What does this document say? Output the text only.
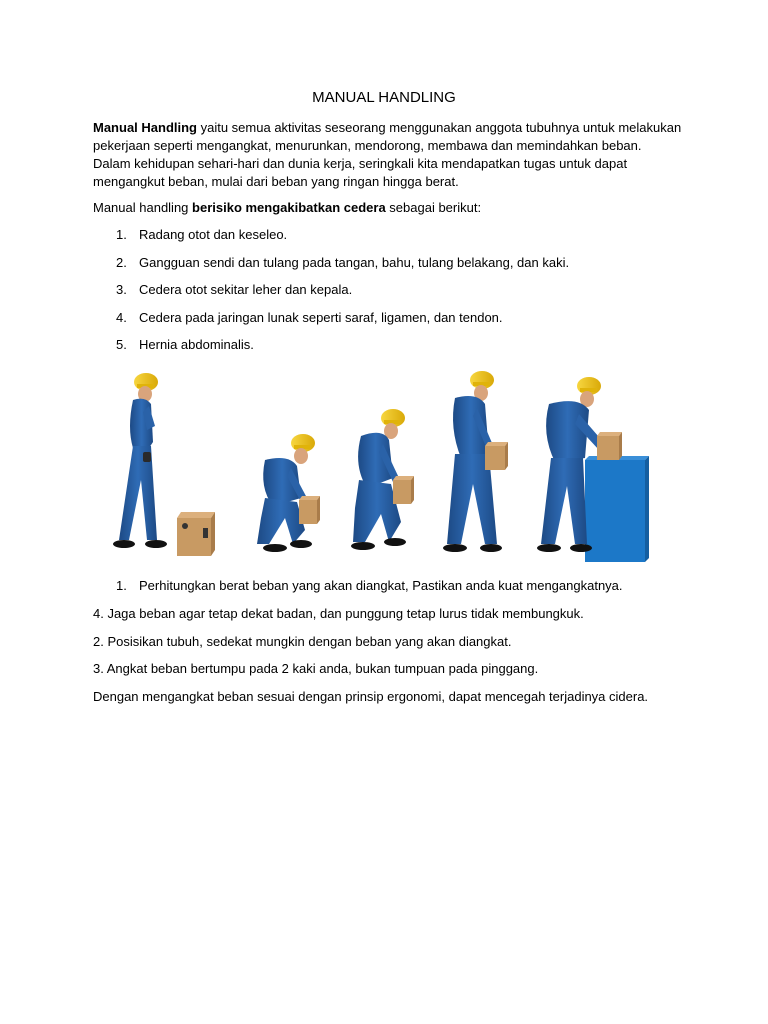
MANUAL HANDLING

Manual Handling yaitu semua aktivitas seseorang menggunakan anggota tubuhnya untuk melakukan
pekerjaan seperti mengangkat, menurunkan, mendorong, membawa dan memindahkan beban.
Dalam kehidupan sehari-hari dan dunia kerja, seringkali kita mendapatkan tugas untuk dapat
mengangkut beban, mulai dari beban yang ringan hingga berat.

Manual handling berisiko mengakibatkan cedera sebagai berikut:

1. Radang otot dan keseleo.
2. Gangguan sendi dan tulang pada tangan, bahu, tulang belakang, dan kaki.
3. Cedera otot sekitar leher dan kepala.
4. Cedera pada jaringan lunak seperti saraf, ligamen, dan tendon.
5. Hernia abdominalis.
1. Perhitungkan berat beban yang akan diangkat, Pastikan anda kuat mengangkatnya.

4. Jaga beban agar tetap dekat badan, dan punggung tetap lurus tidak membungkuk.

2. Posisikan tubuh, sedekat mungkin dengan beban yang akan diangkat.

3. Angkat beban bertumpu pada 2 kaki anda, bukan tumpuan pada pinggang.

Dengan mengangkat beban sesuai dengan prinsip ergonomi, dapat mencegah terjadinya cidera.
